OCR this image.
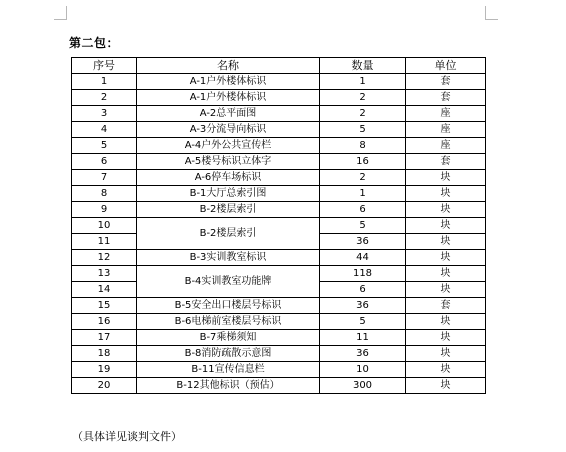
第二包：
序号	名称	数量	单位
1	A-1户外楼体标识	1	套
2	A-1户外楼体标识	2	套
3	A-2总平面图	2	座
4	A-3分流导向标识	5	座
5	A-4户外公共宣传栏	8	座
6	A-5楼号标识立体字	16	套
7	A-6停车场标识	2	块
8	B-1大厅总索引图	1	块
9	B-2楼层索引	6	块
10	B-2楼层索引	5	块
11		36	块
12	B-3实训教室标识	44	块
13	B-4实训教室功能牌	118	块
14		6	块
15	B-5安全出口楼层号标识	36	套
16	B-6电梯前室楼层号标识	5	块
17	B-7乘梯须知	11	块
18	B-8消防疏散示意图	36	块
19	B-11宣传信息栏	10	块
20	B-12其他标识（预估）	300	块
（具体详见谈判文件）
